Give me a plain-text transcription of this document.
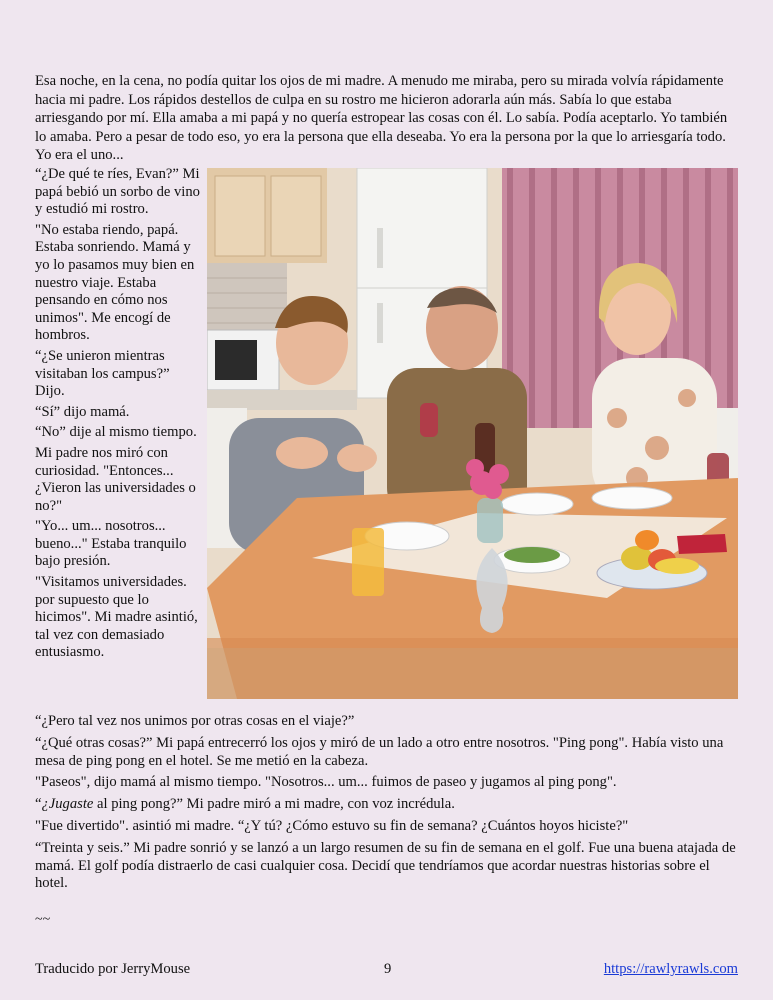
Esa noche, en la cena, no podía quitar los ojos de mi madre. A menudo me miraba, pero su mirada volvía rápidamente hacia mi padre. Los rápidos destellos de culpa en su rostro me hicieron adorarla aún más. Sabía lo que estaba arriesgando por mí. Ella amaba a mi papá y no quería estropear las cosas con él. Lo sabía. Podía aceptarlo. Yo también lo amaba. Pero a pesar de todo eso, yo era la persona que ella deseaba. Yo era la persona por la que lo arriesgaría todo. Yo era el uno...

“¿De qué te ríes, Evan?” Mi papá bebió un sorbo de vino y estudió mi rostro.

"No estaba riendo, papá. Estaba sonriendo. Mamá y yo lo pasamos muy bien en nuestro viaje. Estaba pensando en cómo nos unimos". Me encogí de hombros.

“¿Se unieron mientras visitaban los campus?” Dijo.

“Sí” dijo mamá.

“No” dije al mismo tiempo.

Mi padre nos miró con curiosidad. "Entonces... ¿Vieron las universidades o no?"

"Yo... um... nosotros... bueno..." Estaba tranquilo bajo presión.

"Visitamos universidades. por supuesto que lo hicimos". Mi madre asintió, tal vez con demasiado entusiasmo.

“¿Pero tal vez nos unimos por otras cosas en el viaje?”

“¿Qué otras cosas?” Mi papá entrecerró los ojos y miró de un lado a otro entre nosotros. "Ping pong". Había visto una mesa de ping pong en el hotel. Se me metió en la cabeza.

"Paseos", dijo mamá al mismo tiempo. "Nosotros... um... fuimos de paseo y jugamos al ping pong".

“¿Jugaste al ping pong?” Mi padre miró a mi madre, con voz incrédula.

"Fue divertido". asintió mi madre. “¿Y tú? ¿Cómo estuvo su fin de semana? ¿Cuántos hoyos hiciste?"

“Treinta y seis.” Mi padre sonrió y se lanzó a un largo resumen de su fin de semana en el golf. Fue una buena atajada de mamá. El golf podía distraerlo de casi cualquier cosa. Decidí que tendríamos que acordar nuestras historias sobre el hotel.

~~
Traducido por JerryMouse	9	https://rawlyrawls.com
